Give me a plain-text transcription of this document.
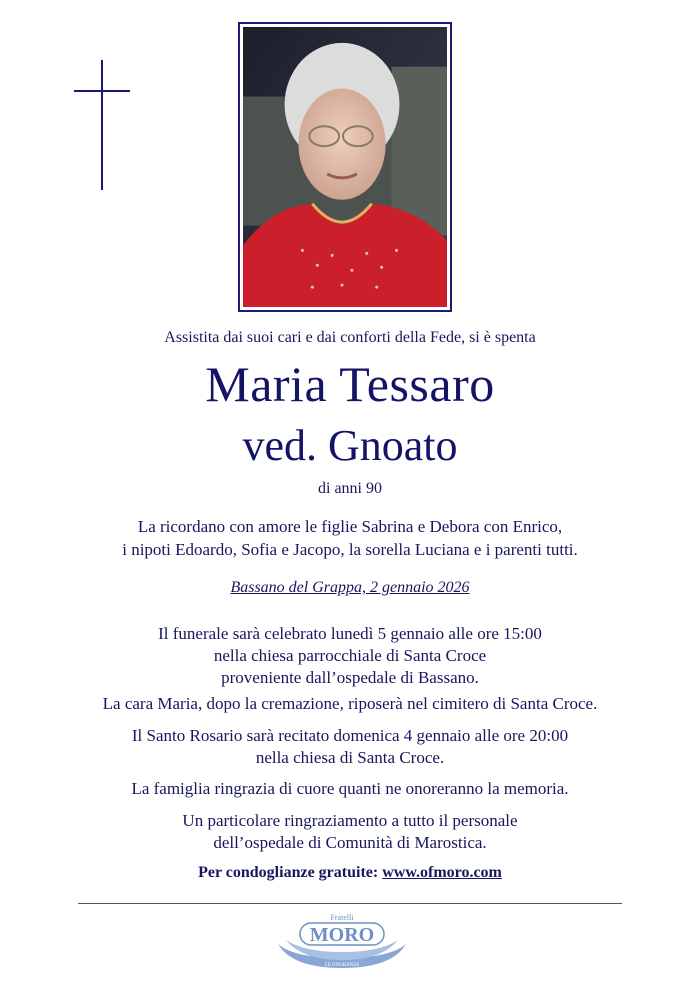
Assistita dai suoi cari e dai conforti della Fede, si è spenta
Maria Tessaro
ved. Gnoato
di anni 90
La ricordano con amore le figlie Sabrina e Debora con Enrico,
i nipoti Edoardo, Sofia e Jacopo, la sorella Luciana e i parenti tutti.
Bassano del Grappa, 2 gennaio 2026
Il funerale sarà celebrato lunedì 5 gennaio alle ore 15:00
nella chiesa parrocchiale di Santa Croce
proveniente dall’ospedale di Bassano.
La cara Maria, dopo la cremazione, riposerà nel cimitero di Santa Croce.
Il Santo Rosario sarà recitato domenica 4 gennaio alle ore 20:00
nella chiesa di Santa Croce.
La famiglia ringrazia di cuore quanti ne onoreranno la memoria.
Un particolare ringraziamento a tutto il personale
dell’ospedale di Comunità di Marostica.
Per condoglianze gratuite: www.ofmoro.com
Fratelli
MORO
LE ONORANZE
